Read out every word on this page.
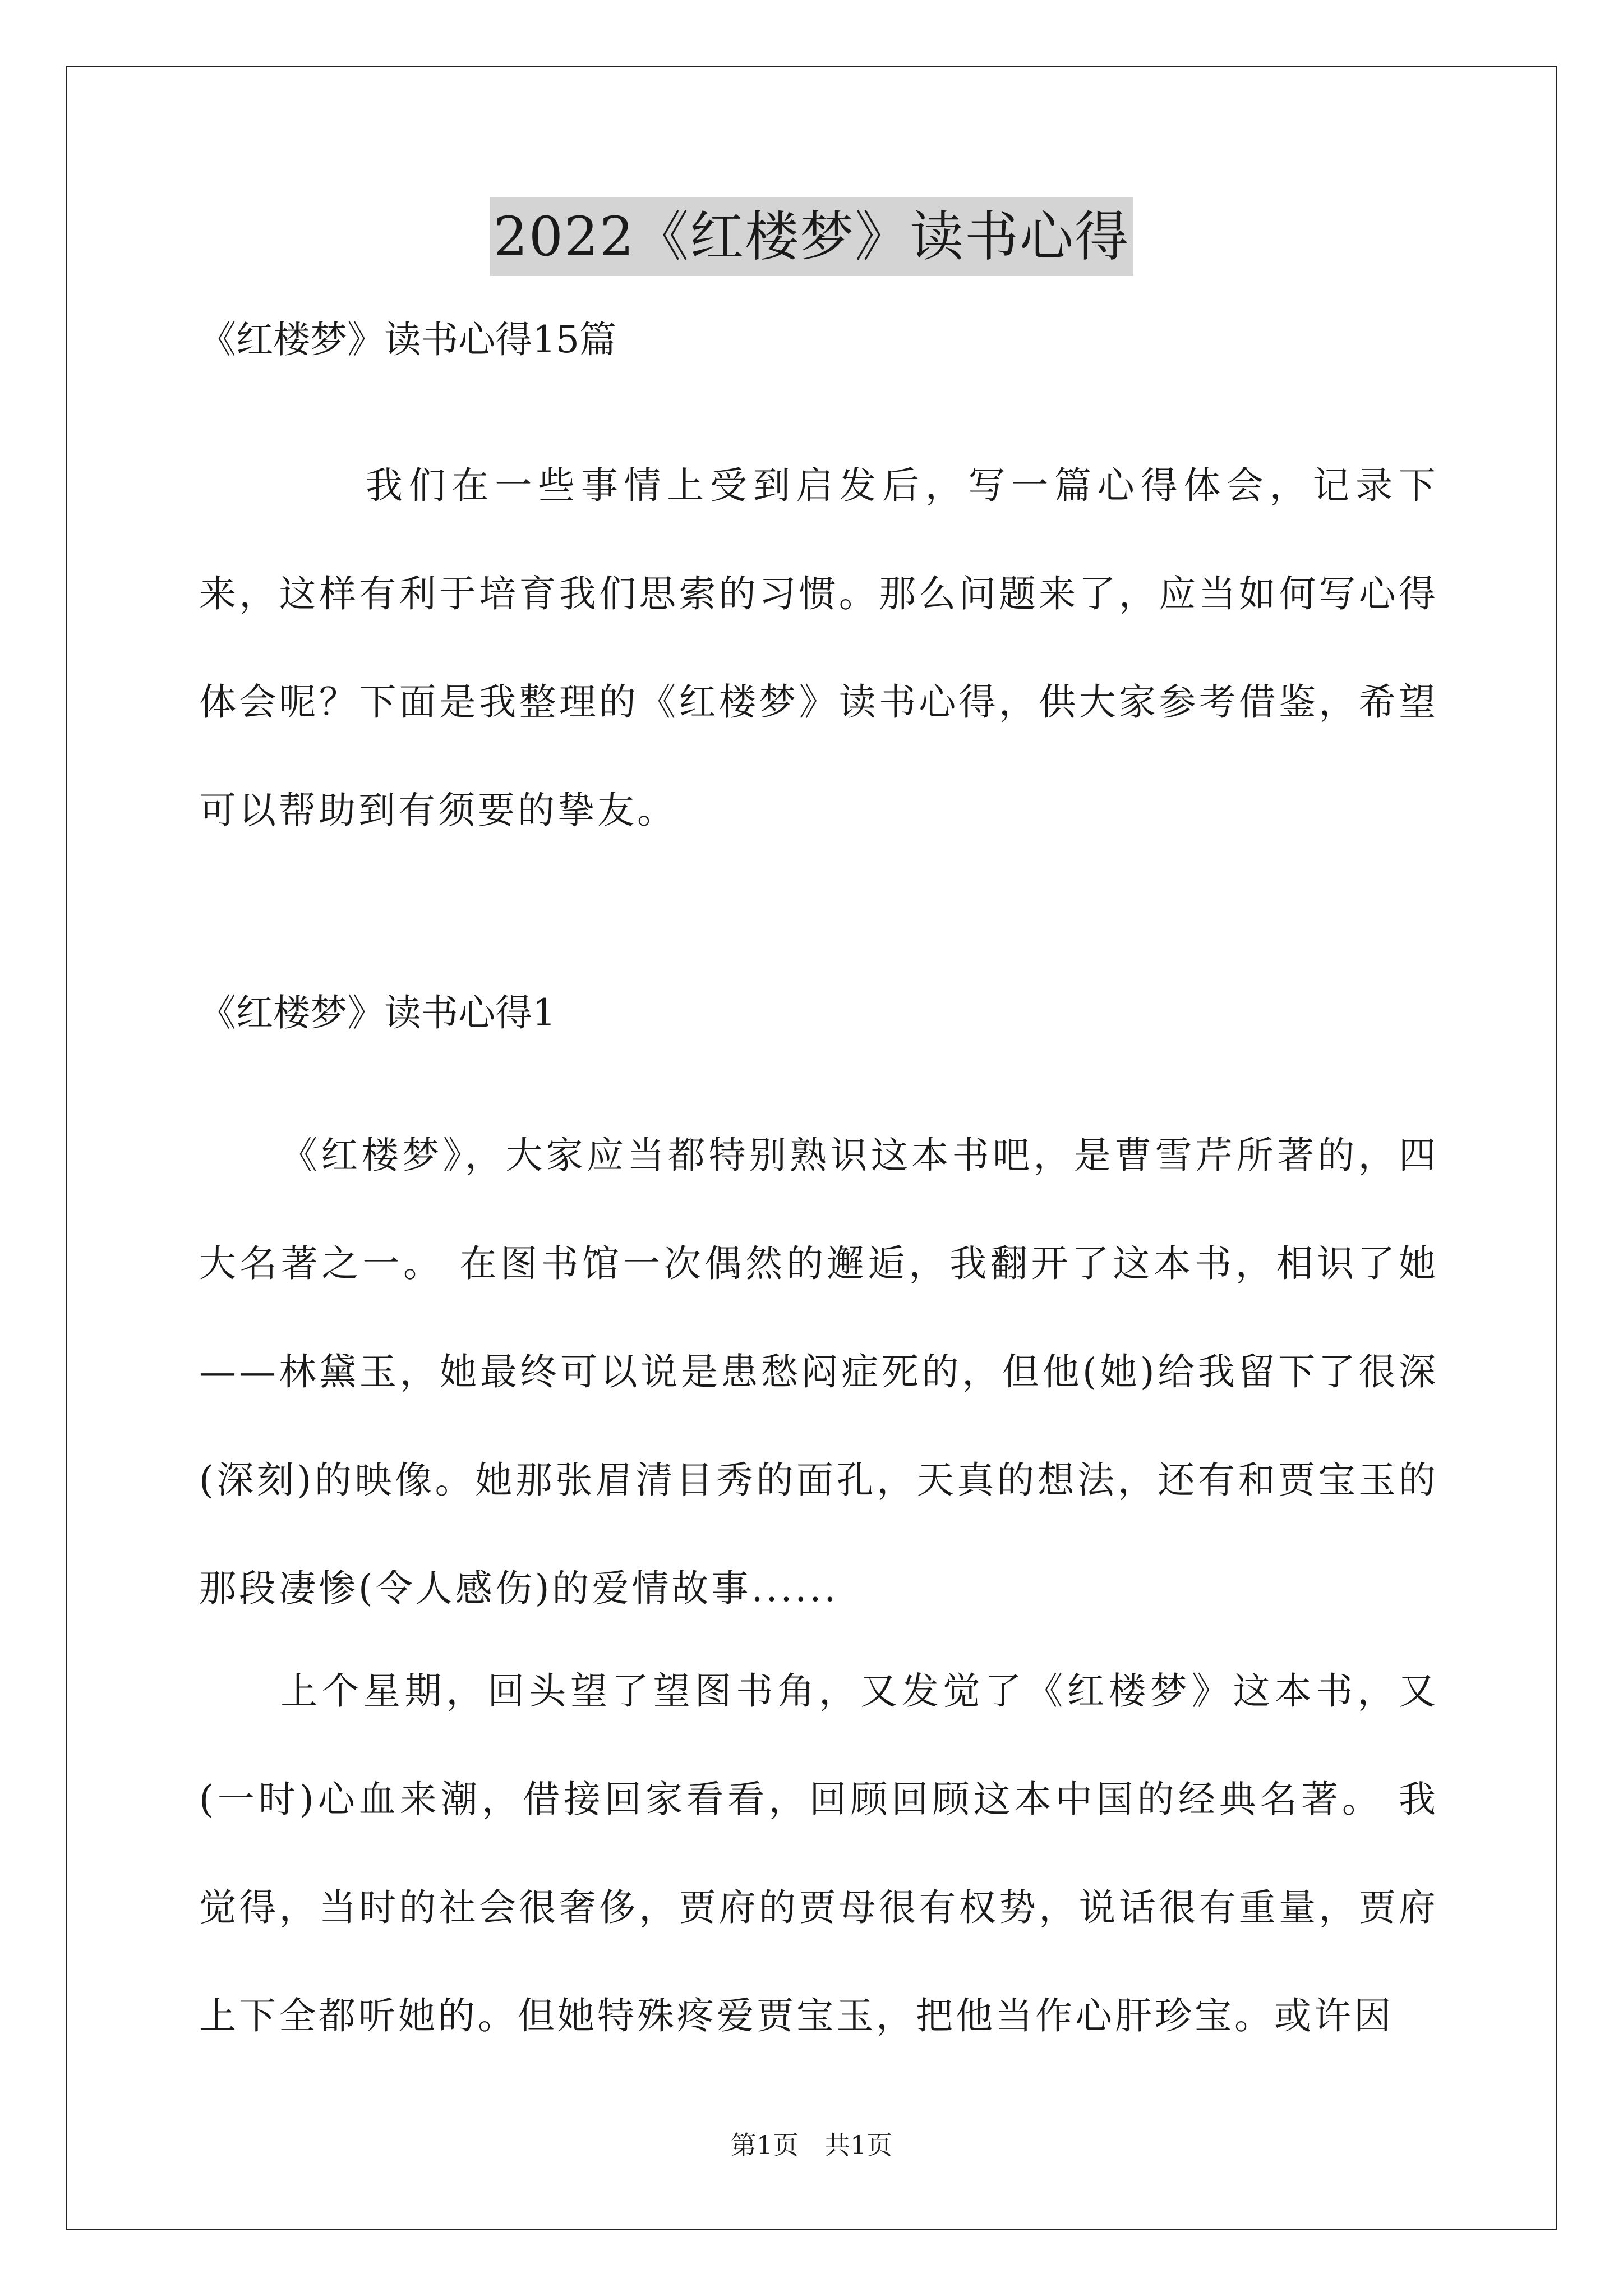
2022《红楼梦》读书心得
《红楼梦》读书心得15篇
我们在一些事情上受到启发后，写一篇心得体会，记录下来，这样有利于培育我们思索的习惯。那么问题来了，应当如何写心得体会呢？下面是我整理的《红楼梦》读书心得，供大家参考借鉴，希望可以帮助到有须要的挚友。
《红楼梦》读书心得1
《红楼梦》，大家应当都特别熟识这本书吧，是曹雪芹所著的，四大名著之一。 在图书馆一次偶然的邂逅，我翻开了这本书，相识了她——林黛玉，她最终可以说是患愁闷症死的，但他(她)给我留下了很深(深刻)的映像。她那张眉清目秀的面孔，天真的想法，还有和贾宝玉的那段凄惨(令人感伤)的爱情故事......
上个星期，回头望了望图书角，又发觉了《红楼梦》这本书，又(一时)心血来潮，借接回家看看，回顾回顾这本中国的经典名著。 我觉得，当时的社会很奢侈，贾府的贾母很有权势，说话很有重量，贾府上下全都听她的。但她特殊疼爱贾宝玉，把他当作心肝珍宝。或许因
第1页　共1页
